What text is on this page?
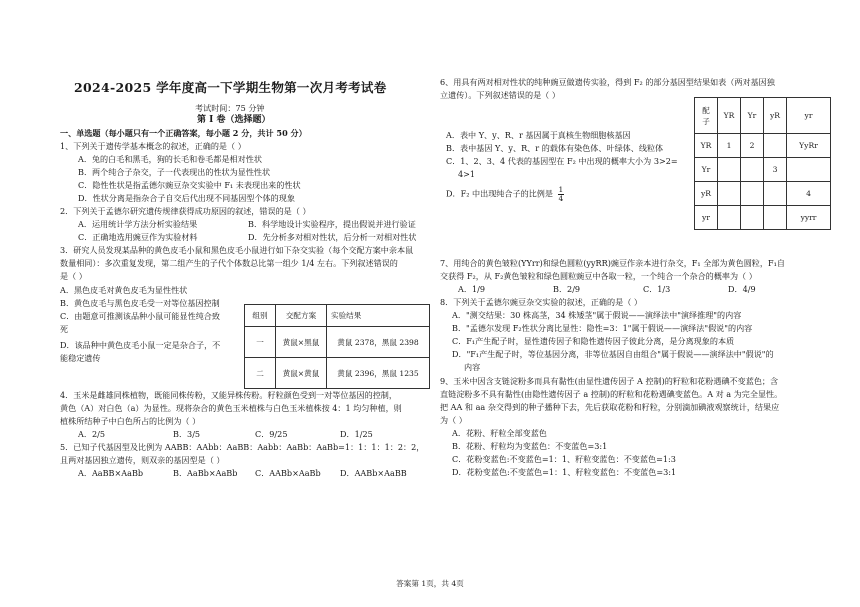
2024-2025 学年度高一下学期生物第一次月考考试卷
考试时间：75 分钟
第 I 卷（选择题）
一、单选题（每小题只有一个正确答案，每小题 2 分，共计 50 分）
1、下列关于遗传学基本概念的叙述，正确的是（ ）
A．兔的白毛和黑毛，狗的长毛和卷毛都是相对性状
B．两个纯合子杂交，子一代表现出的性状为显性性状
C．隐性性状是指孟德尔豌豆杂交实验中 F₁ 未表现出来的性状
D．性状分离是指杂合子自交后代出现不同基因型个体的现象
2．下列关于孟德尔研究遗传规律获得成功原因的叙述，错误的是（ ）
A．运用统计学方法分析实验结果	B．科学地设计实验程序，提出假说并进行验证
C．正确地选用豌豆作为实验材料	D．先分析多对相对性状，后分析一对相对性状
3．研究人员发现某品种的黄色皮毛小鼠和黑色皮毛小鼠进行如下杂交实验（每个交配方案中亲本鼠
数量相同）：多次重复发现，第二组产生的子代个体数总比第一组少 1/4 左右。下列叙述错误的
是（ ）
A．黑色皮毛对黄色皮毛为显性性状
B．黄色皮毛与黑色皮毛受一对等位基因控制
C．由题意可推测该品种小鼠可能显性纯合致
死
D．该品种中黄色皮毛小鼠一定是杂合子，不
能稳定遗传
组别	交配方案	实验结果
一	黄鼠×黑鼠	黄鼠 2378，黑鼠 2398
二	黄鼠×黄鼠	黄鼠 2396，黑鼠 1235
4．玉米是雌雄同株植物，既能同株传粉，又能异株传粉。籽粒颜色受到一对等位基因的控制，
黄色（A）对白色（a）为显性。现将杂合的黄色玉米植株与白色玉米植株按 4：1 均匀种植，则
植株所结种子中白色所占的比例为（ ）
A．2/5	B．3/5	C．9/25	D．1/25
5．已知子代基因型及比例为 AABB：AAbb：AaBB：Aabb：AaBb：AaBb=1：1：1：1：2：2，
且两对基因独立遗传，则双亲的基因型是（ ）
A．AaBB×AaBb	B．AaBb×AaBb C．AABb×AaBb D．AABb×AaBB
6、用具有两对相对性状的纯种豌豆做遗传实验，得到 F₂ 的部分基因型结果如表（两对基因独
立遗传）。下列叙述错误的是（ ）
A．表中 Y、y、R、r 基因属于真核生物细胞核基因
B．表中基因 Y、y、R、r 的载体有染色体、叶绿体、线粒体
C．1、2、3、4 代表的基因型在 F₂ 中出现的概率大小为 3>2=
4>1
D．F₂ 中出现纯合子的比例是 $\frac{1}{4}$
配
子	YR	Yr	yR	yr
YR	1	2		YyRr
Yr			3	
yR				4
yr				yyrr
7、用纯合的黄色皱粒(YYrr)和绿色圆粒(yyRR)豌豆作亲本进行杂交，F₁ 全部为黄色圆粒，F₁自
交获得 F₂，从 F₂黄色皱粒和绿色圆粒豌豆中各取一粒，一个纯合一个杂合的概率为（ ）
A．1/9	B．2/9	C．1/3	D．4/9
8．下列关于孟德尔豌豆杂交实验的叙述，正确的是（ ）
A．"测交结果：30 株高茎，34 株矮茎"属于假说——演绎法中"演绎推理"的内容
B．"孟德尔发现 F₂性状分离比显性：隐性=3：1"属于假说——演绎法"假说"的内容
C．F₁产生配子时，显性遗传因子和隐性遗传因子彼此分离，是分离现象的本质
D．"F₁产生配子时，等位基因分离，非等位基因自由组合"属于假说——演绎法中"假说"的
内容
9、玉米中因含支链淀粉多而具有黏性(由显性遗传因子 A 控制)的籽粒和花粉遇碘不变蓝色；含
直链淀粉多不具有黏性(由隐性遗传因子 a 控制)的籽粒和花粉遇碘变蓝色。A 对 a 为完全显性。
把 AA 和 aa 杂交得到的种子播种下去，先后获取花粉和籽粒，分别滴加碘液观察统计，结果应
为（ ）
A．花粉、籽粒全部变蓝色
B．花粉、籽粒均为变蓝色：不变蓝色=3:1
C．花粉变蓝色:不变蓝色=1：1、籽粒变蓝色：不变蓝色=1:3
D．花粉变蓝色:不变蓝色=1：1、籽粒变蓝色：不变蓝色=3:1
答案第 1页，共 4页
